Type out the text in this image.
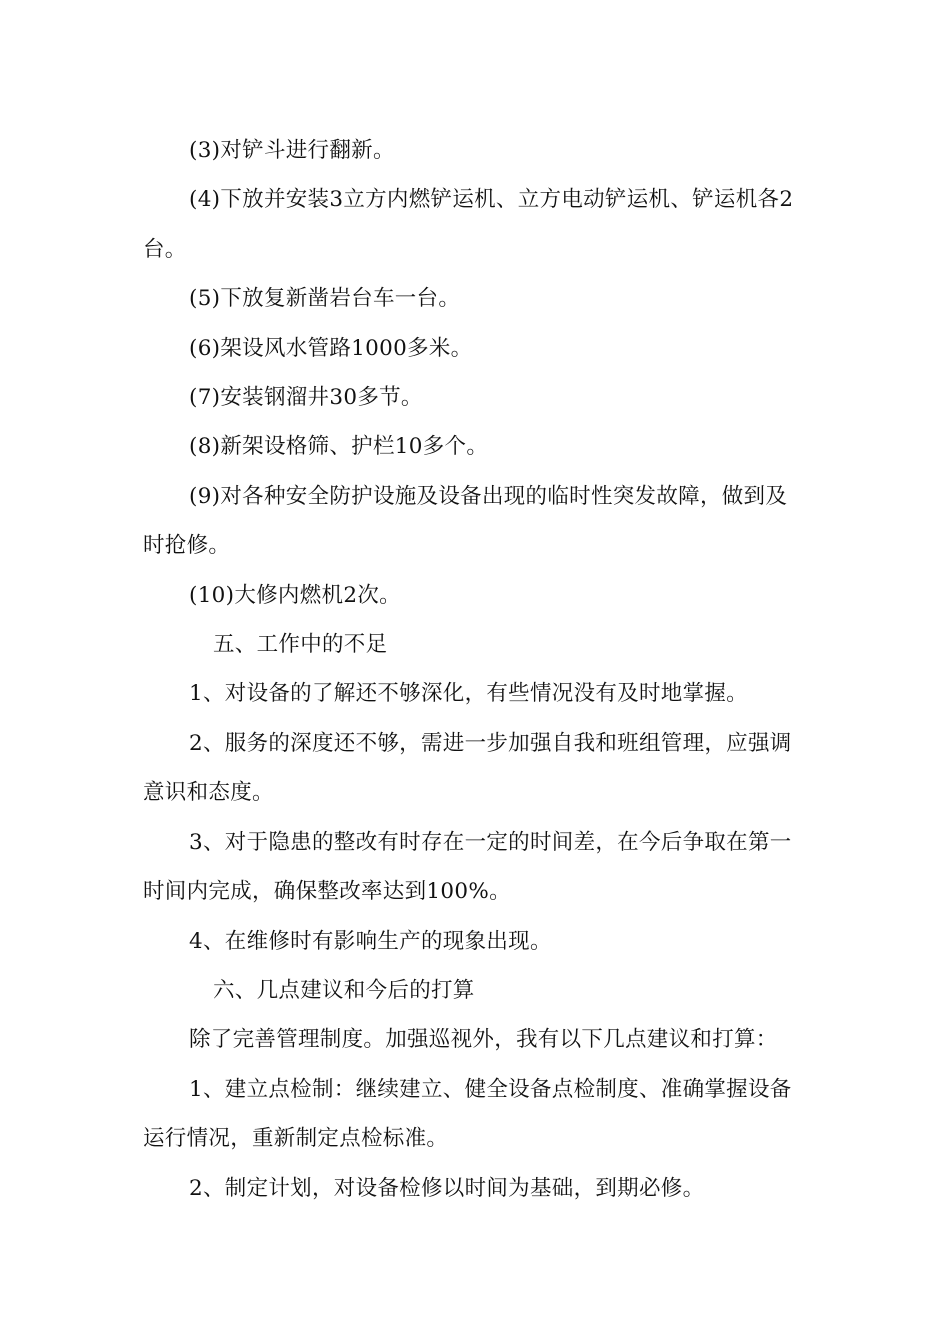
(3)对铲斗进行翻新。

(4)下放并安装3立方内燃铲运机、立方电动铲运机、铲运机各2台。

(5)下放复新凿岩台车一台。

(6)架设风水管路1000多米。

(7)安装钢溜井30多节。

(8)新架设格筛、护栏10多个。

(9)对各种安全防护设施及设备出现的临时性突发故障，做到及时抢修。

(10)大修内燃机2次。

五、工作中的不足

1、对设备的了解还不够深化，有些情况没有及时地掌握。

2、服务的深度还不够，需进一步加强自我和班组管理，应强调意识和态度。

3、对于隐患的整改有时存在一定的时间差，在今后争取在第一时间内完成，确保整改率达到100%。

4、在维修时有影响生产的现象出现。

六、几点建议和今后的打算

除了完善管理制度。加强巡视外，我有以下几点建议和打算：

1、建立点检制：继续建立、健全设备点检制度、准确掌握设备运行情况，重新制定点检标准。

2、制定计划，对设备检修以时间为基础，到期必修。
